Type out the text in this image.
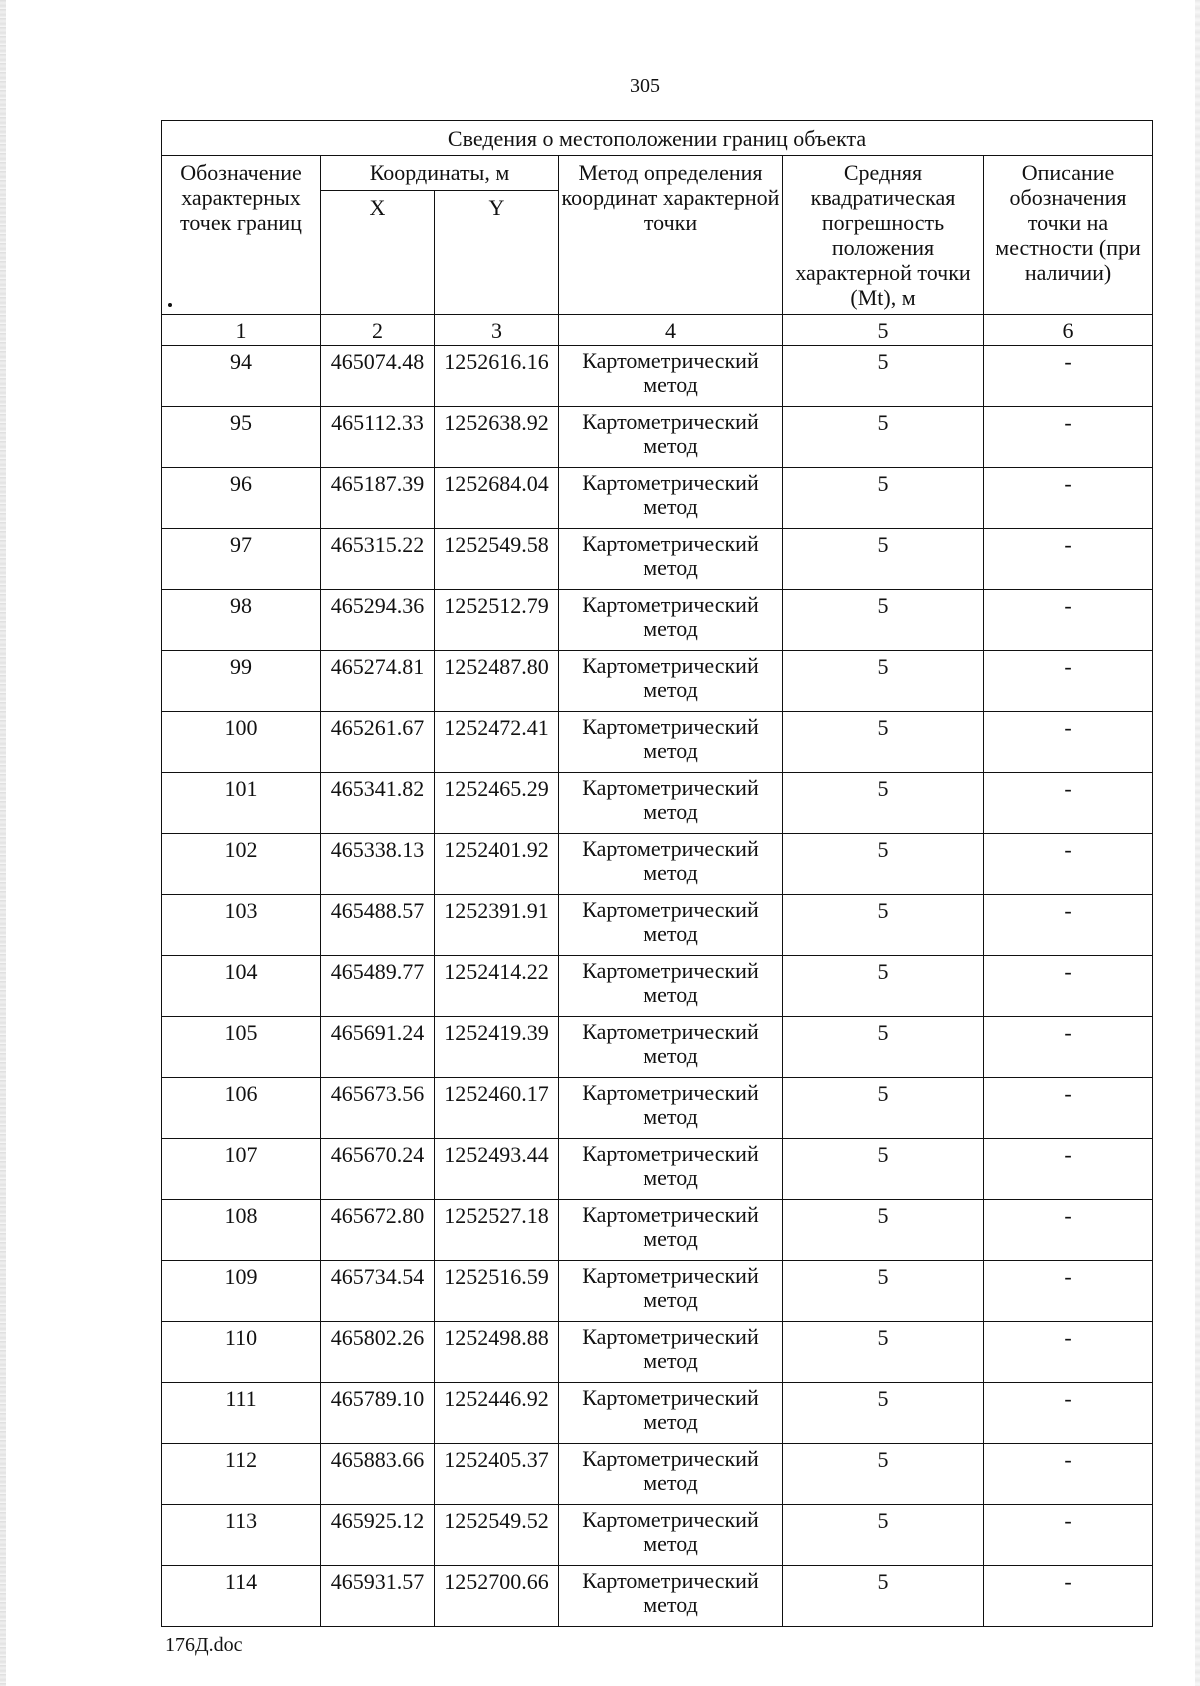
305
Сведения о местоположении границ объекта					
Обозначение характерных точек границ	Координаты, м		Метод определения координат характерной точки	Средняя квадратическая погрешность положения характерной точки (Mt), м	Описание обозначения точки на местности (при наличии)
	X	Y			
1	2	3	4	5	6
94	465074.48	1252616.16	Картометрический метод	5	-
95	465112.33	1252638.92	Картометрический метод	5	-
96	465187.39	1252684.04	Картометрический метод	5	-
97	465315.22	1252549.58	Картометрический метод	5	-
98	465294.36	1252512.79	Картометрический метод	5	-
99	465274.81	1252487.80	Картометрический метод	5	-
100	465261.67	1252472.41	Картометрический метод	5	-
101	465341.82	1252465.29	Картометрический метод	5	-
102	465338.13	1252401.92	Картометрический метод	5	-
103	465488.57	1252391.91	Картометрический метод	5	-
104	465489.77	1252414.22	Картометрический метод	5	-
105	465691.24	1252419.39	Картометрический метод	5	-
106	465673.56	1252460.17	Картометрический метод	5	-
107	465670.24	1252493.44	Картометрический метод	5	-
108	465672.80	1252527.18	Картометрический метод	5	-
109	465734.54	1252516.59	Картометрический метод	5	-
110	465802.26	1252498.88	Картометрический метод	5	-
111	465789.10	1252446.92	Картометрический метод	5	-
112	465883.66	1252405.37	Картометрический метод	5	-
113	465925.12	1252549.52	Картометрический метод	5	-
114	465931.57	1252700.66	Картометрический метод	5	-
176Д.doc
